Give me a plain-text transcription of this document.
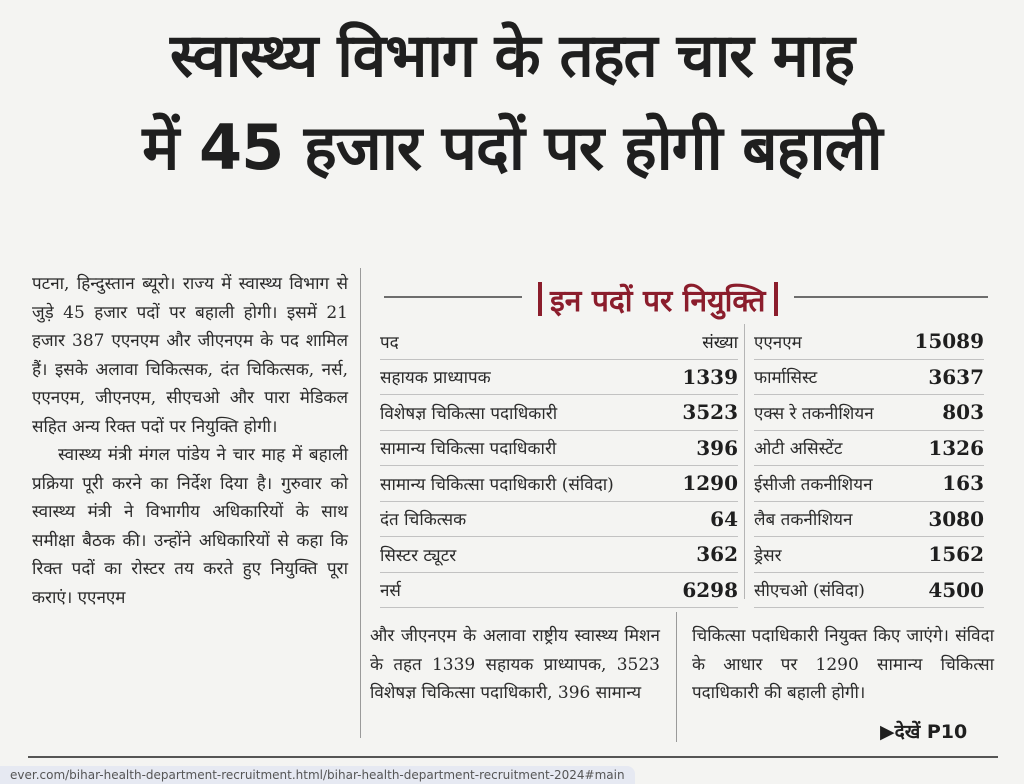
स्वास्थ्य विभाग के तहत चार माह
में 45 हजार पदों पर होगी बहाली

पटना, हिन्दुस्तान ब्यूरो। राज्य में स्वास्थ्य विभाग से जुड़े 45 हजार पदों पर बहाली होगी। इसमें 21 हजार 387 एएनएम और जीएनएम के पद शामिल हैं। इसके अलावा चिकित्सक, दंत चिकित्सक, नर्स, एएनएम, जीएनएम, सीएचओ और पारा मेडिकल सहित अन्य रिक्त पदों पर नियुक्ति होगी।

स्वास्थ्य मंत्री मंगल पांडेय ने चार माह में बहाली प्रक्रिया पूरी करने का निर्देश दिया है। गुरुवार को स्वास्थ्य मंत्री ने विभागीय अधिकारियों के साथ समीक्षा बैठक की। उन्होंने अधिकारियों से कहा कि रिक्त पदों का रोस्टर तय करते हुए नियुक्ति पूरा कराएं। एएनएम

इन पदों पर नियुक्ति
पद	संख्या
सहायक प्राध्यापक	1339
विशेषज्ञ चिकित्सा पदाधिकारी	3523
सामान्य चिकित्सा पदाधिकारी	396
सामान्य चिकित्सा पदाधिकारी (संविदा)	1290
दंत चिकित्सक	64
सिस्टर ट्यूटर	362
नर्स	6298
एएनएम	15089
फार्मासिस्ट	3637
एक्स रे तकनीशियन	803
ओटी असिस्टेंट	1326
ईसीजी तकनीशियन	163
लैब तकनीशियन	3080
ड्रेसर	1562
सीएचओ (संविदा)	4500
और जीएनएम के अलावा राष्ट्रीय स्वास्थ्य मिशन के तहत 1339 सहायक प्राध्यापक, 3523 विशेषज्ञ चिकित्सा पदाधिकारी, 396 सामान्य
चिकित्सा पदाधिकारी नियुक्त किए जाएंगे। संविदा के आधार पर 1290 सामान्य चिकित्सा पदाधिकारी की बहाली होगी।
▶देखें P10
ever.com/bihar-health-department-recruitment.html/bihar-health-department-recruitment-2024#main
